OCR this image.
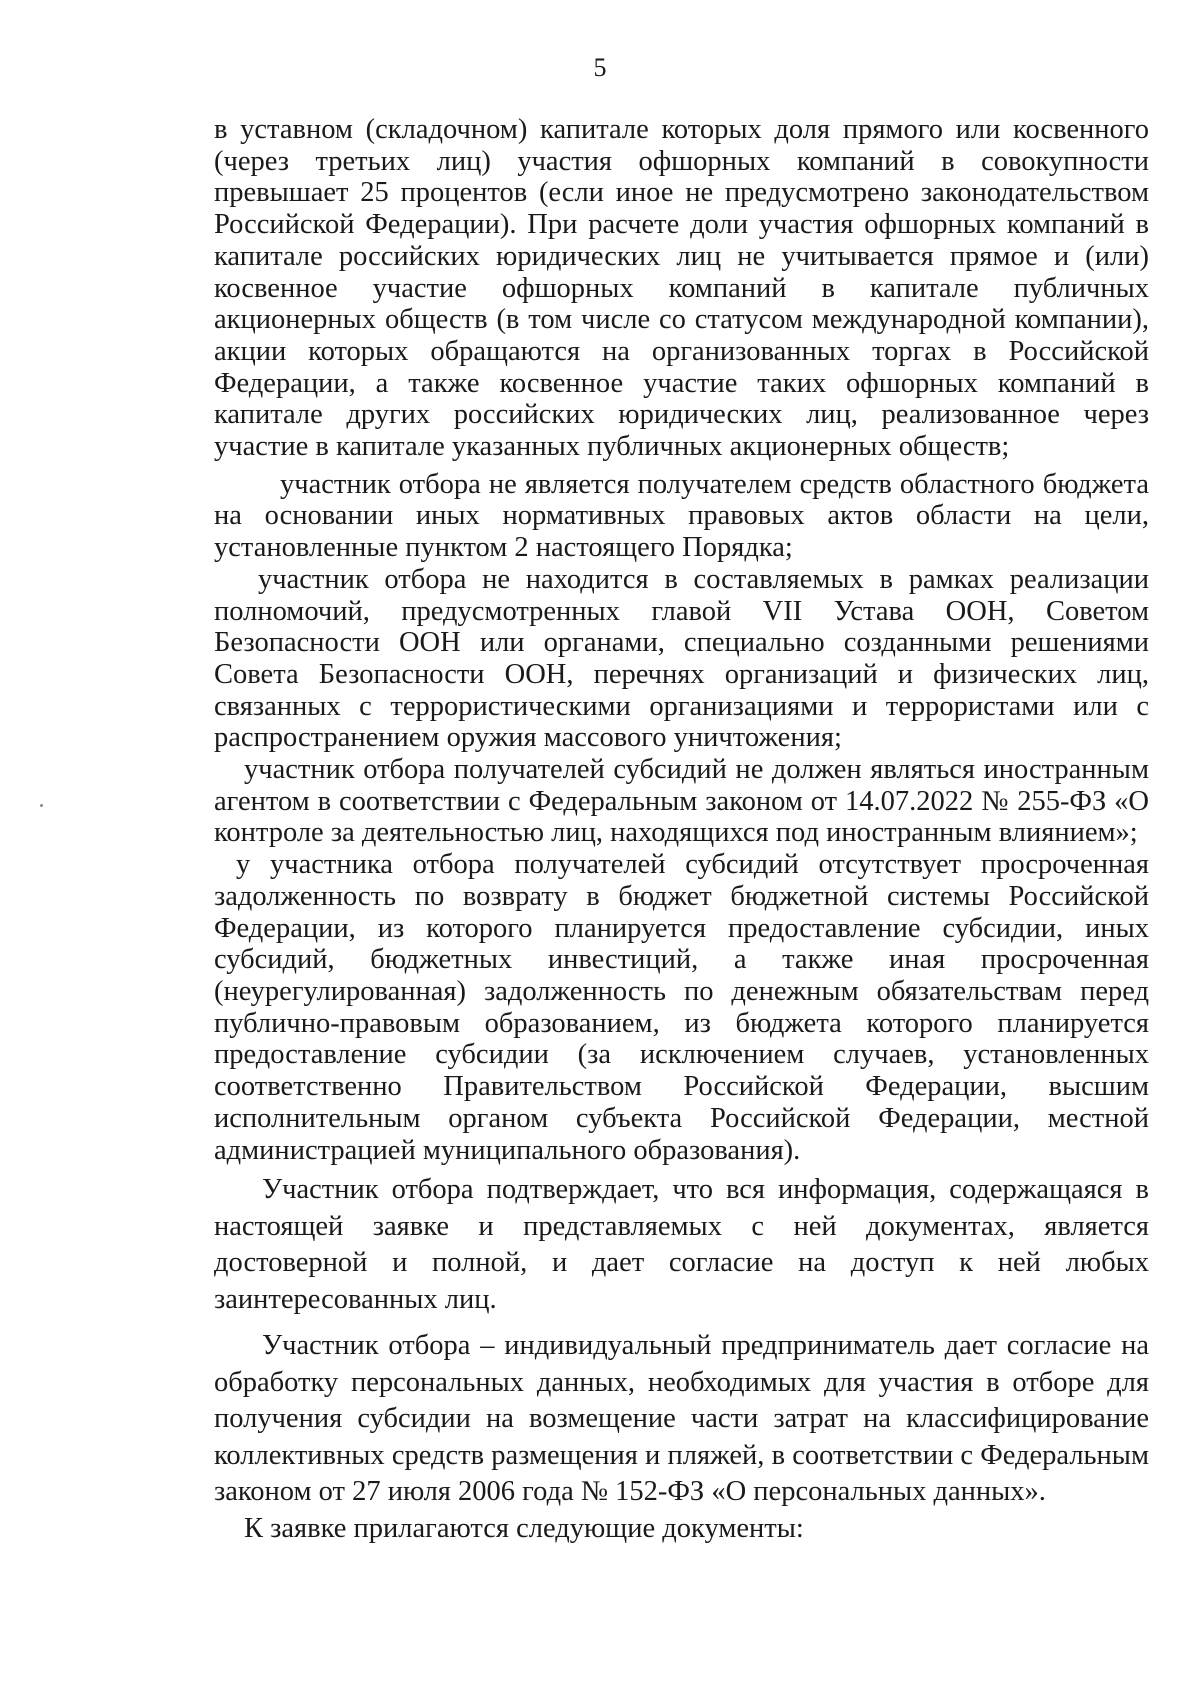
5

в уставном (складочном) капитале которых доля прямого или косвенного (через третьих лиц) участия офшорных компаний в совокупности превышает 25 процентов (если иное не предусмотрено законодательством Российской Федерации). При расчете доли участия офшорных компаний в капитале российских юридических лиц не учитывается прямое и (или) косвенное участие офшорных компаний в капитале публичных акционерных обществ (в том числе со статусом международной компании), акции которых обращаются на организованных торгах в Российской Федерации, а также косвенное участие таких офшорных компаний в капитале других российских юридических лиц, реализованное через участие в капитале указанных публичных акционерных обществ;

участник отбора не является получателем средств областного бюджета на основании иных нормативных правовых актов области на цели, установленные пунктом 2 настоящего Порядка;

участник отбора не находится в составляемых в рамках реализации полномочий, предусмотренных главой VII Устава ООН, Советом Безопасности ООН или органами, специально созданными решениями Совета Безопасности ООН, перечнях организаций и физических лиц, связанных с террористическими организациями и террористами или с распространением оружия массового уничтожения;

участник отбора получателей субсидий не должен являться иностранным агентом в соответствии с Федеральным законом от 14.07.2022 № 255-ФЗ «О контроле за деятельностью лиц, находящихся под иностранным влиянием»;

у участника отбора получателей субсидий отсутствует просроченная задолженность по возврату в бюджет бюджетной системы Российской Федерации, из которого планируется предоставление субсидии, иных субсидий, бюджетных инвестиций, а также иная просроченная (неурегулированная) задолженность по денежным обязательствам перед публично-правовым образованием, из бюджета которого планируется предоставление субсидии (за исключением случаев, установленных соответственно Правительством Российской Федерации, высшим исполнительным органом субъекта Российской Федерации, местной администрацией муниципального образования).

Участник отбора подтверждает, что вся информация, содержащаяся в настоящей заявке и представляемых с ней документах, является достоверной и полной, и дает согласие на доступ к ней любых заинтересованных лиц.

Участник отбора – индивидуальный предприниматель дает согласие на обработку персональных данных, необходимых для участия в отборе для получения субсидии на возмещение части затрат на классифицирование коллективных средств размещения и пляжей, в соответствии с Федеральным законом от 27 июля 2006 года № 152-ФЗ «О персональных данных».

К заявке прилагаются следующие документы:
